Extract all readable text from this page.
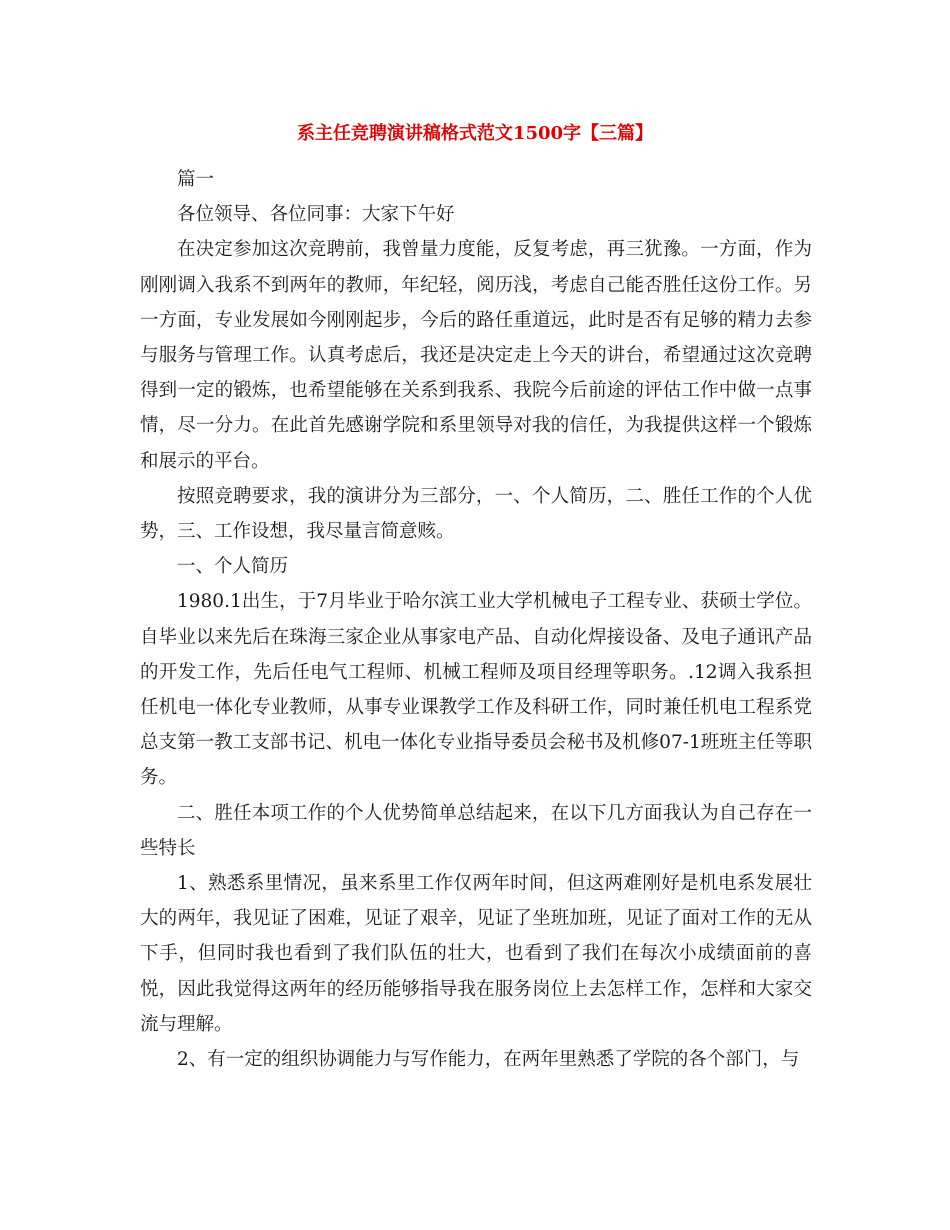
系主任竞聘演讲稿格式范文1500字【三篇】

篇一

各位领导、各位同事：大家下午好

在决定参加这次竞聘前，我曾量力度能，反复考虑，再三犹豫。一方面，作为刚刚调入我系不到两年的教师，年纪轻，阅历浅，考虑自己能否胜任这份工作。另一方面，专业发展如今刚刚起步，今后的路任重道远，此时是否有足够的精力去参与服务与管理工作。认真考虑后，我还是决定走上今天的讲台，希望通过这次竞聘得到一定的锻炼，也希望能够在关系到我系、我院今后前途的评估工作中做一点事情，尽一分力。在此首先感谢学院和系里领导对我的信任，为我提供这样一个锻炼和展示的平台。

按照竞聘要求，我的演讲分为三部分，一、个人简历，二、胜任工作的个人优势，三、工作设想，我尽量言简意赅。

一、个人简历

1980.1出生，于7月毕业于哈尔滨工业大学机械电子工程专业、获硕士学位。自毕业以来先后在珠海三家企业从事家电产品、自动化焊接设备、及电子通讯产品的开发工作，先后任电气工程师、机械工程师及项目经理等职务。.12调入我系担任机电一体化专业教师，从事专业课教学工作及科研工作，同时兼任机电工程系党总支第一教工支部书记、机电一体化专业指导委员会秘书及机修07-1班班主任等职务。

二、胜任本项工作的个人优势简单总结起来，在以下几方面我认为自己存在一些特长

1、熟悉系里情况，虽来系里工作仅两年时间，但这两难刚好是机电系发展壮大的两年，我见证了困难，见证了艰辛，见证了坐班加班，见证了面对工作的无从下手，但同时我也看到了我们队伍的壮大，也看到了我们在每次小成绩面前的喜悦，因此我觉得这两年的经历能够指导我在服务岗位上去怎样工作，怎样和大家交流与理解。

2、有一定的组织协调能力与写作能力，在两年里熟悉了学院的各个部门，与
